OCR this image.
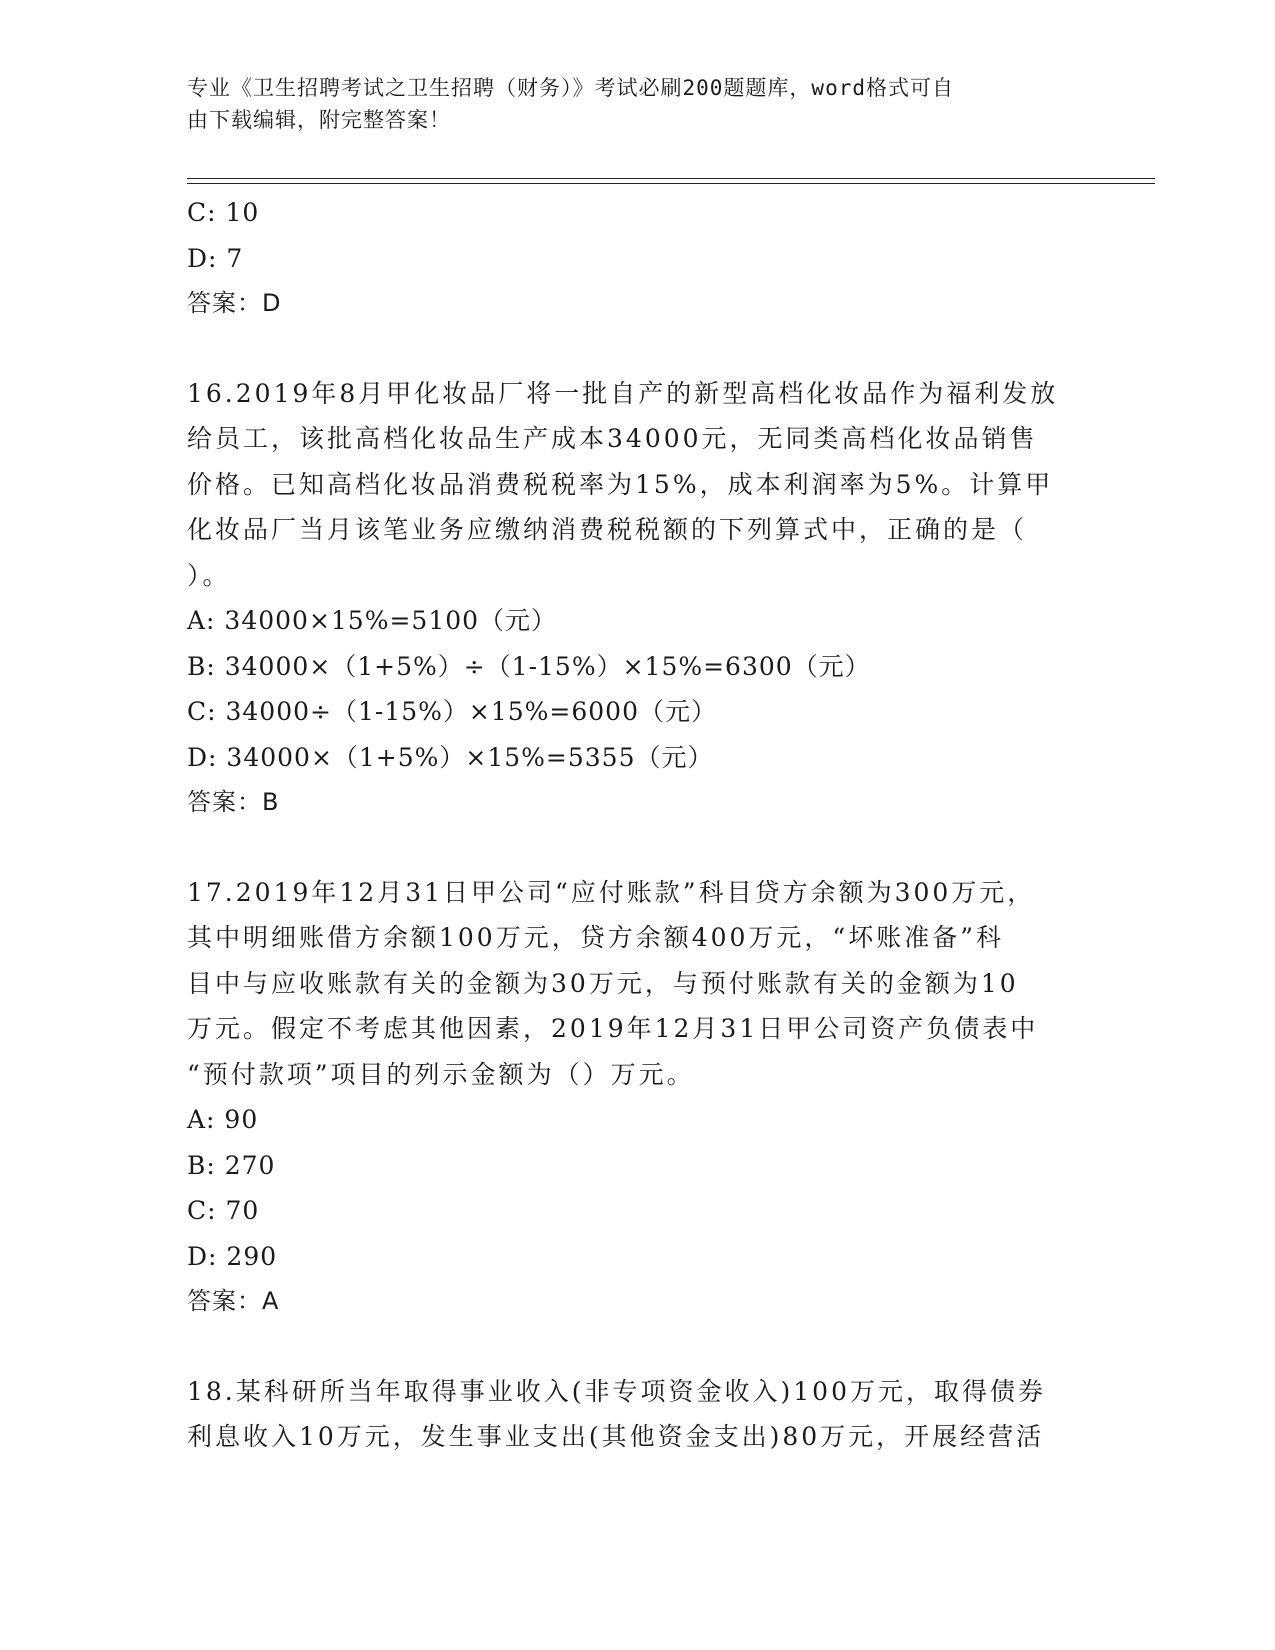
专业《卫生招聘考试之卫生招聘（财务）》考试必刷200题题库，word格式可自
由下载编辑，附完整答案！
C: 10
D: 7
答案：D
16.2019年8月甲化妆品厂将一批自产的新型高档化妆品作为福利发放
给员工，该批高档化妆品生产成本34000元，无同类高档化妆品销售
价格。已知高档化妆品消费税税率为15%，成本利润率为5%。计算甲
化妆品厂当月该笔业务应缴纳消费税税额的下列算式中，正确的是（
）。
A: 34000×15%=5100（元）
B: 34000×（1+5%）÷（1-15%）×15%=6300（元）
C: 34000÷（1-15%）×15%=6000（元）
D: 34000×（1+5%）×15%=5355（元）
答案：B
17.2019年12月31日甲公司“应付账款”科目贷方余额为300万元，
其中明细账借方余额100万元，贷方余额400万元，“坏账准备”科
目中与应收账款有关的金额为30万元，与预付账款有关的金额为10
万元。假定不考虑其他因素，2019年12月31日甲公司资产负债表中
“预付款项”项目的列示金额为（）万元。
A: 90
B: 270
C: 70
D: 290
答案：A
18.某科研所当年取得事业收入(非专项资金收入)100万元，取得债券
利息收入10万元，发生事业支出(其他资金支出)80万元，开展经营活
